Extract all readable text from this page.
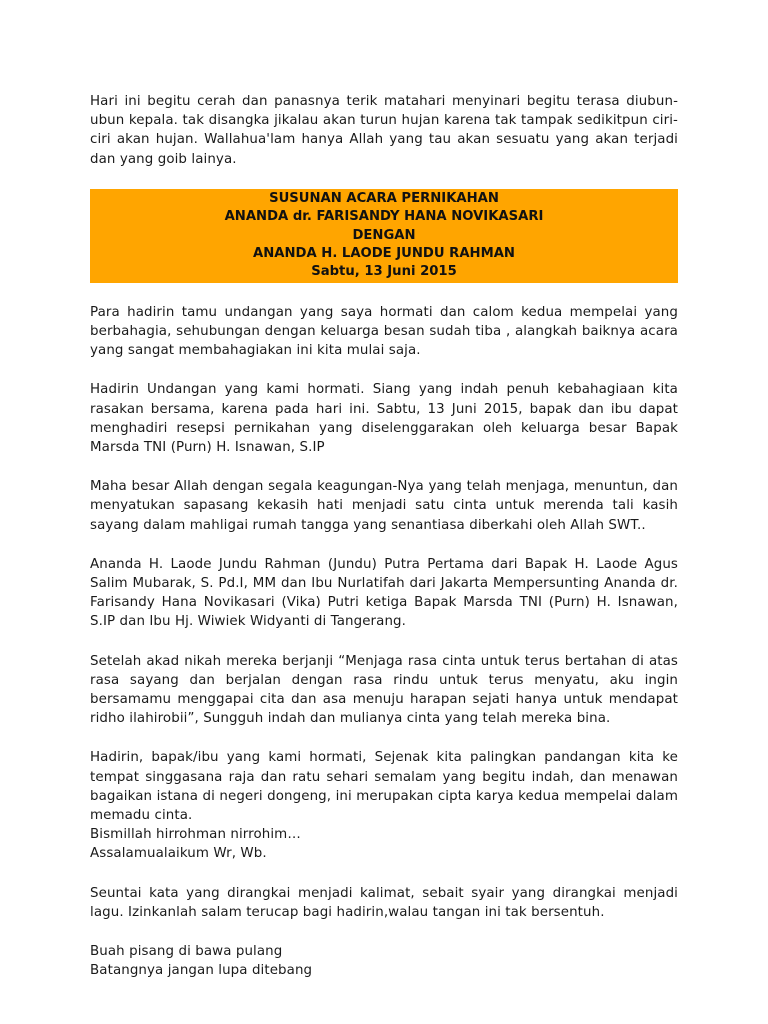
Hari ini begitu cerah dan panasnya terik matahari menyinari begitu terasa diubun-ubun kepala. tak disangka jikalau akan turun hujan karena tak tampak sedikitpun ciri-ciri akan hujan. Wallahua'lam hanya Allah yang tau akan sesuatu yang akan terjadi dan yang goib lainya.

SUSUNAN ACARA PERNIKAHAN
ANANDA dr. FARISANDY HANA NOVIKASARI
DENGAN
ANANDA H. LAODE JUNDU RAHMAN
Sabtu, 13 Juni 2015

Para hadirin tamu undangan yang saya hormati dan calom kedua mempelai yang berbahagia, sehubungan dengan keluarga besan sudah tiba , alangkah baiknya acara yang sangat membahagiakan ini kita mulai saja.

Hadirin Undangan yang kami hormati. Siang yang indah penuh kebahagiaan kita rasakan bersama, karena pada hari ini. Sabtu, 13 Juni 2015, bapak dan ibu dapat menghadiri resepsi pernikahan yang diselenggarakan oleh keluarga besar Bapak Marsda TNI (Purn) H. Isnawan, S.IP

Maha besar Allah dengan segala keagungan-Nya yang telah menjaga, menuntun, dan menyatukan sapasang kekasih hati menjadi satu cinta untuk merenda tali kasih sayang dalam mahligai rumah tangga yang senantiasa diberkahi oleh Allah SWT..

Ananda H. Laode Jundu Rahman (Jundu) Putra Pertama dari Bapak H. Laode Agus Salim Mubarak, S. Pd.I, MM dan Ibu Nurlatifah dari Jakarta Mempersunting Ananda dr. Farisandy Hana Novikasari (Vika) Putri ketiga Bapak Marsda TNI (Purn) H. Isnawan, S.IP dan Ibu Hj. Wiwiek Widyanti di Tangerang.

Setelah akad nikah mereka berjanji “Menjaga rasa cinta untuk terus bertahan di atas rasa sayang dan berjalan dengan rasa rindu untuk terus menyatu, aku ingin bersamamu menggapai cita dan asa menuju harapan sejati hanya untuk mendapat ridho ilahirobii”, Sungguh indah dan mulianya cinta yang telah mereka bina.

Hadirin, bapak/ibu yang kami hormati, Sejenak kita palingkan pandangan kita ke tempat singgasana raja dan ratu sehari semalam yang begitu indah, dan menawan bagaikan istana di negeri dongeng, ini merupakan cipta karya kedua mempelai dalam memadu cinta.
Bismillah hirrohman nirrohim…
Assalamualaikum Wr, Wb.

Seuntai kata yang dirangkai menjadi kalimat, sebait syair yang dirangkai menjadi lagu. Izinkanlah salam terucap bagi hadirin,walau tangan ini tak bersentuh.

Buah pisang di bawa pulang
Batangnya jangan lupa ditebang
